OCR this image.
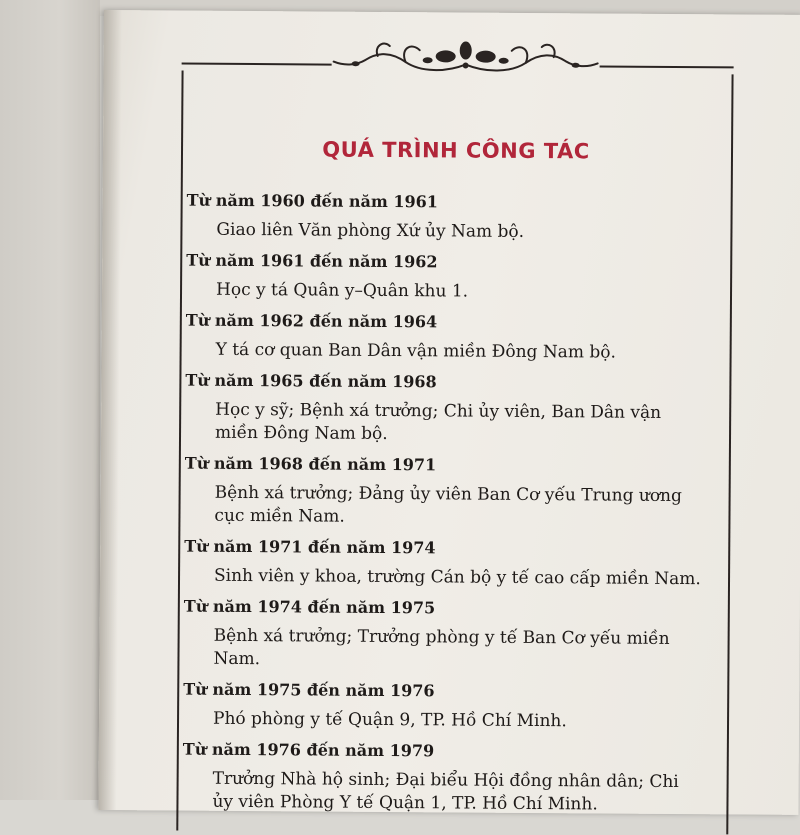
QUÁ TRÌNH CÔNG TÁC

Từ năm 1960 đến năm 1961

Giao liên Văn phòng Xứ ủy Nam bộ.

Từ năm 1961 đến năm 1962

Học y tá Quân y–Quân khu 1.

Từ năm 1962 đến năm 1964

Y tá cơ quan Ban Dân vận miền Đông Nam bộ.

Từ năm 1965 đến năm 1968

Học y sỹ; Bệnh xá trưởng; Chi ủy viên, Ban Dân vận miền Đông Nam bộ.

Từ năm 1968 đến năm 1971

Bệnh xá trưởng; Đảng ủy viên Ban Cơ yếu Trung ương cục miền Nam.

Từ năm 1971 đến năm 1974

Sinh viên y khoa, trường Cán bộ y tế cao cấp miền Nam.

Từ năm 1974 đến năm 1975

Bệnh xá trưởng; Trưởng phòng y tế Ban Cơ yếu miền Nam.

Từ năm 1975 đến năm 1976

Phó phòng y tế Quận 9, TP. Hồ Chí Minh.

Từ năm 1976 đến năm 1979

Trưởng Nhà hộ sinh; Đại biểu Hội đồng nhân dân; Chi ủy viên Phòng Y tế Quận 1, TP. Hồ Chí Minh.
